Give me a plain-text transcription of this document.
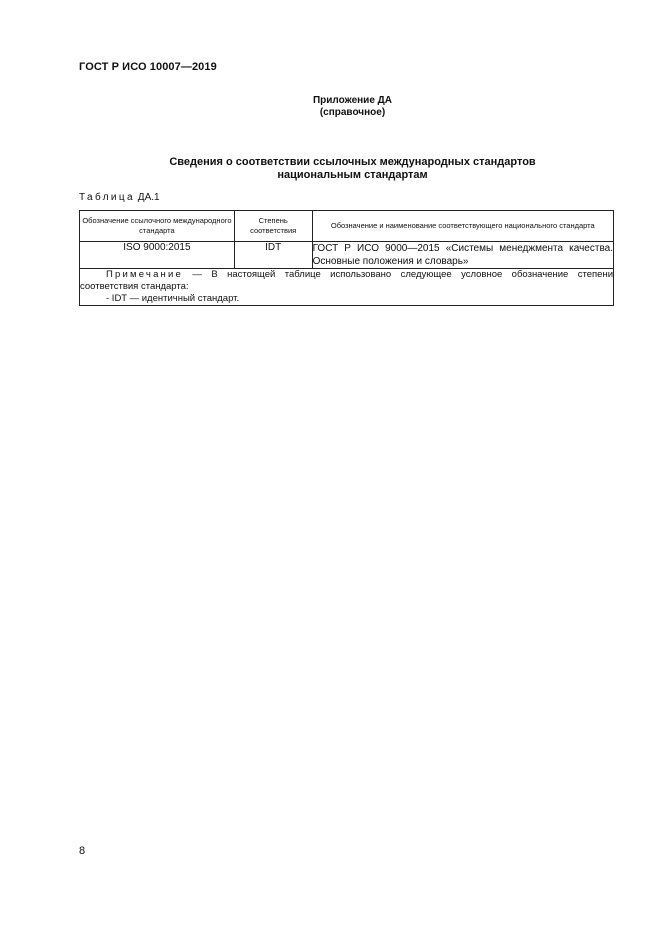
ГОСТ Р ИСО 10007—2019
Приложение ДА
(справочное)
Сведения о соответствии ссылочных международных стандартов
национальным стандартам
Таблица ДА.1
Обозначение ссылочного международного стандарта	Степень соответствия	Обозначение и наименование соответствующего национального стандарта
ISO 9000:2015	IDT	ГОСТ Р ИСО 9000—2015 «Системы менеджмента качества. Основные положения и словарь»

Примечание — В настоящей таблице использовано следующее условное обозначение степени соответствия стандарта:
- IDT — идентичный стандарт.		
8
